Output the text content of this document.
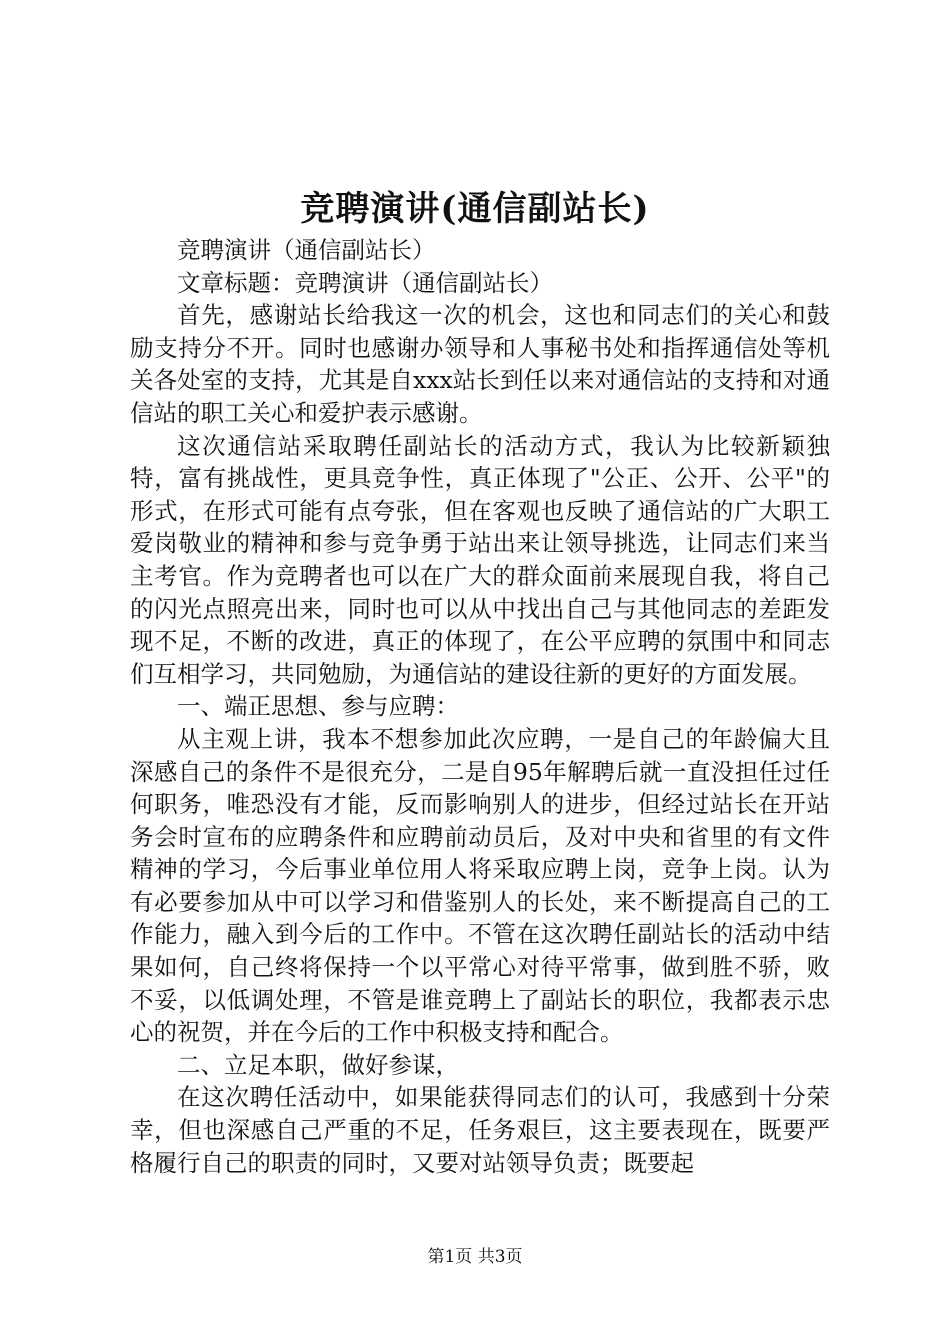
竞聘演讲(通信副站长)

竞聘演讲（通信副站长）

文章标题：竞聘演讲（通信副站长）

首先，感谢站长给我这一次的机会，这也和同志们的关心和鼓励支持分不开。同时也感谢办领导和人事秘书处和指挥通信处等机关各处室的支持，尤其是自xxx站长到任以来对通信站的支持和对通信站的职工关心和爱护表示感谢。

这次通信站采取聘任副站长的活动方式，我认为比较新颖独特，富有挑战性，更具竞争性，真正体现了"公正、公开、公平"的形式，在形式可能有点夸张，但在客观也反映了通信站的广大职工爱岗敬业的精神和参与竞争勇于站出来让领导挑选，让同志们来当主考官。作为竞聘者也可以在广大的群众面前来展现自我，将自己的闪光点照亮出来，同时也可以从中找出自己与其他同志的差距发现不足，不断的改进，真正的体现了，在公平应聘的氛围中和同志们互相学习，共同勉励，为通信站的建设往新的更好的方面发展。

一、端正思想、参与应聘：

从主观上讲，我本不想参加此次应聘，一是自己的年龄偏大且深感自己的条件不是很充分，二是自95年解聘后就一直没担任过任何职务，唯恐没有才能，反而影响别人的进步，但经过站长在开站务会时宣布的应聘条件和应聘前动员后，及对中央和省里的有文件精神的学习，今后事业单位用人将采取应聘上岗，竞争上岗。认为有必要参加从中可以学习和借鉴别人的长处，来不断提高自己的工作能力，融入到今后的工作中。不管在这次聘任副站长的活动中结果如何，自己终将保持一个以平常心对待平常事，做到胜不骄，败不妥，以低调处理，不管是谁竞聘上了副站长的职位，我都表示忠心的祝贺，并在今后的工作中积极支持和配合。

二、立足本职，做好参谋，

在这次聘任活动中，如果能获得同志们的认可，我感到十分荣幸，但也深感自己严重的不足，任务艰巨，这主要表现在，既要严格履行自己的职责的同时，又要对站领导负责；既要起

第1页 共3页
